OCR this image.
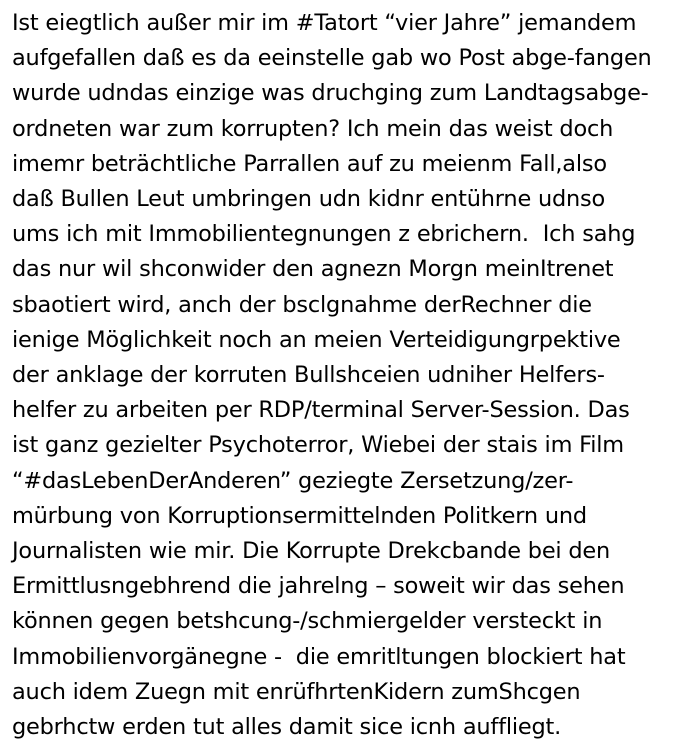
Ist eiegtlich außer mir im #Tatort “vier Jahre” jemandem aufgefallen daß es da eeinstelle gab wo Post abge-fangen wurde udndas einzige was druchging zum Landtagsabge- ordneten war zum korrupten? Ich mein das weist doch imemr beträchtliche Parrallen auf zu meienm Fall,also daß Bullen Leut umbringen udn kidnr entührne udnso ums ich mit Immobilientegnungen z ebrichern.  Ich sahg das nur wil shconwider den agnezn Morgn meinItrenet sbaotiert wird, anch der bsclgnahme derRechner die ienige Möglichkeit noch an meien Verteidigungrpektive der anklage der korruten Bullshceien udniher Helfers- helfer zu arbeiten per RDP/terminal Server-Session. Das ist ganz gezielter Psychoterror, Wiebei der stais im Film “#dasLebenDerAnderen” geziegte Zersetzung/zer- mürbung von Korruptionsermittelnden Politkern und Journalisten wie mir. Die Korrupte Drekcbande bei den Ermittlusngebhrend die jahrelng – soweit wir das sehen können gegen betshcung-/schmiergelder versteckt in Immobilienvorgänegne -  die emritltungen blockiert hat auch idem Zuegn mit enrüfhrtenKidern zumShcgen gebrhctw erden tut alles damit sice icnh auffliegt.
